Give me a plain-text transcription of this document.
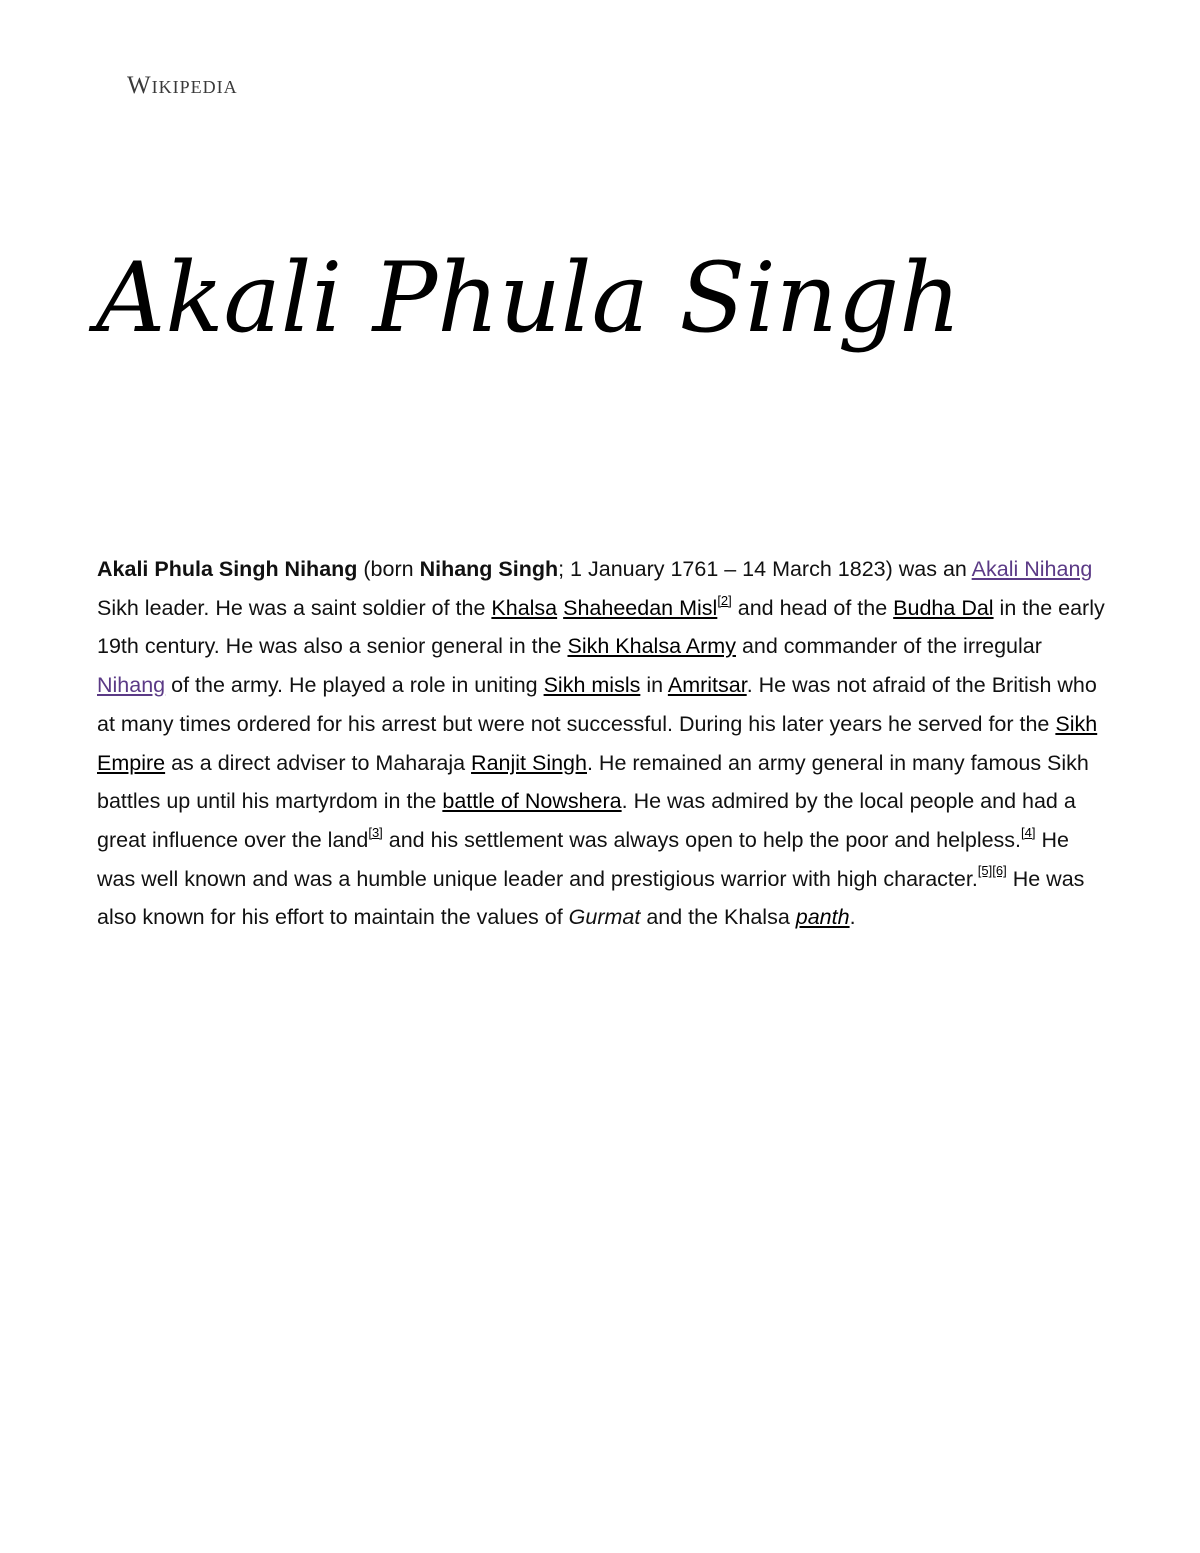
Wikipedia
Akali Phula Singh

Akali Phula Singh Nihang (born Nihang Singh; 1 January 1761 – 14 March 1823) was an Akali Nihang Sikh leader. He was a saint soldier of the Khalsa Shaheedan Misl[2] and head of the Budha Dal in the early 19th century. He was also a senior general in the Sikh Khalsa Army and commander of the irregular Nihang of the army. He played a role in uniting Sikh misls in Amritsar. He was not afraid of the British who at many times ordered for his arrest but were not successful. During his later years he served for the Sikh Empire as a direct adviser to Maharaja Ranjit Singh. He remained an army general in many famous Sikh battles up until his martyrdom in the battle of Nowshera. He was admired by the local people and had a great influence over the land[3] and his settlement was always open to help the poor and helpless.[4] He was well known and was a humble unique leader and prestigious warrior with high character.[5][6] He was also known for his effort to maintain the values of Gurmat and the Khalsa panth.
